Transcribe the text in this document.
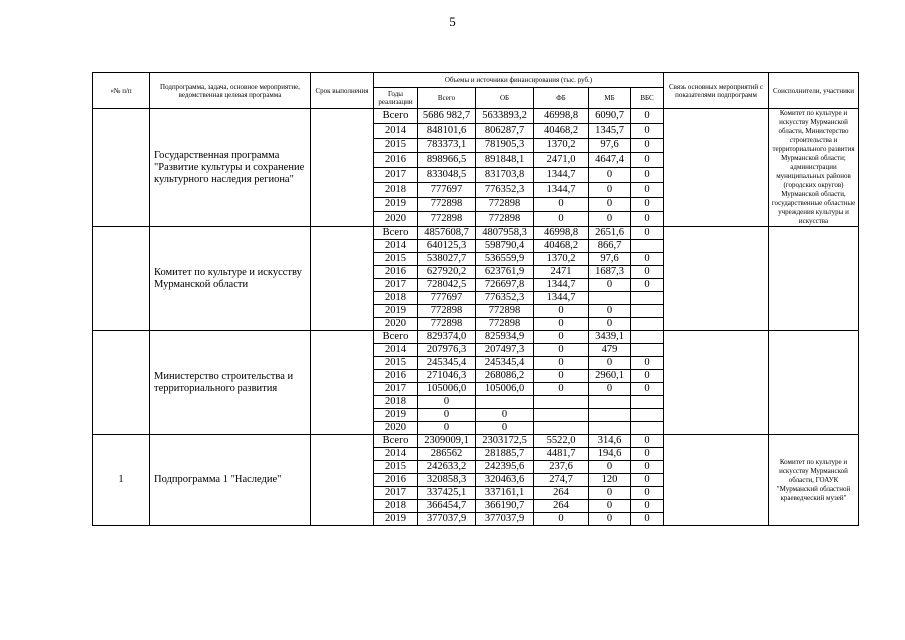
5
«№ п/п	Подпрограмма, задача, основное мероприятие, ведомственная целевая программа	Срок выполнения	Объемы и источники финансирования (тыс. руб.)						Связь основных мероприятий с показателями подпрограмм	Соисполнители, участники
			Годы реализации	Всего	ОБ	ФБ	МБ	ВБС		
	Государственная программа "Развитие культуры и сохранение культурного наследия региона"		Всего	5686 982,7	5633893,2	46998,8	6090,7	0		Комитет по культуре и искусству Мурманской области, Министерство строительства и территориального развития Мурманской области; администрации муниципальных районов (городских округов) Мурманской области, государственные областные учреждения культуры и искусства
			2014	848101,6	806287,7	40468,2	1345,7	0		
			2015	783373,1	781905,3	1370,2	97,6	0		
			2016	898966,5	891848,1	2471,0	4647,4	0		
			2017	833048,5	831703,8	1344,7	0	0		
			2018	777697	776352,3	1344,7	0	0		
			2019	772898	772898	0	0	0		
			2020	772898	772898	0	0	0		
	Комитет по культуре и искусству Мурманской области		Всего	4857608,7	4807958,3	46998,8	2651,6	0		
			2014	640125,3	598790,4	40468,2	866,7			
			2015	538027,7	536559,9	1370,2	97,6	0		
			2016	627920,2	623761,9	2471	1687,3	0		
			2017	728042,5	726697,8	1344,7	0	0		
			2018	777697	776352,3	1344,7				
			2019	772898	772898	0	0			
			2020	772898	772898	0	0			
	Министерство строительства и территориального развития		Всего	829374,0	825934,9	0	3439,1			
			2014	207976,3	207497,3	0	479			
			2015	245345,4	245345,4	0	0	0		
			2016	271046,3	268086,2	0	2960,1	0		
			2017	105006,0	105006,0	0	0	0		
			2018	0						
			2019	0	0					
			2020	0	0					
1	Подпрограмма 1 "Наследие"		Всего	2309009,1	2303172,5	5522,0	314,6	0		Комитет по культуре и искусству Мурманской области, ГОАУК "Мурманский областной краеведческий музей"
			2014	286562	281885,7	4481,7	194,6	0		
			2015	242633,2	242395,6	237,6	0	0		
			2016	320858,3	320463,6	274,7	120	0		
			2017	337425,1	337161,1	264	0	0		
			2018	366454,7	366190,7	264	0	0		
			2019	377037,9	377037,9	0	0	0		
